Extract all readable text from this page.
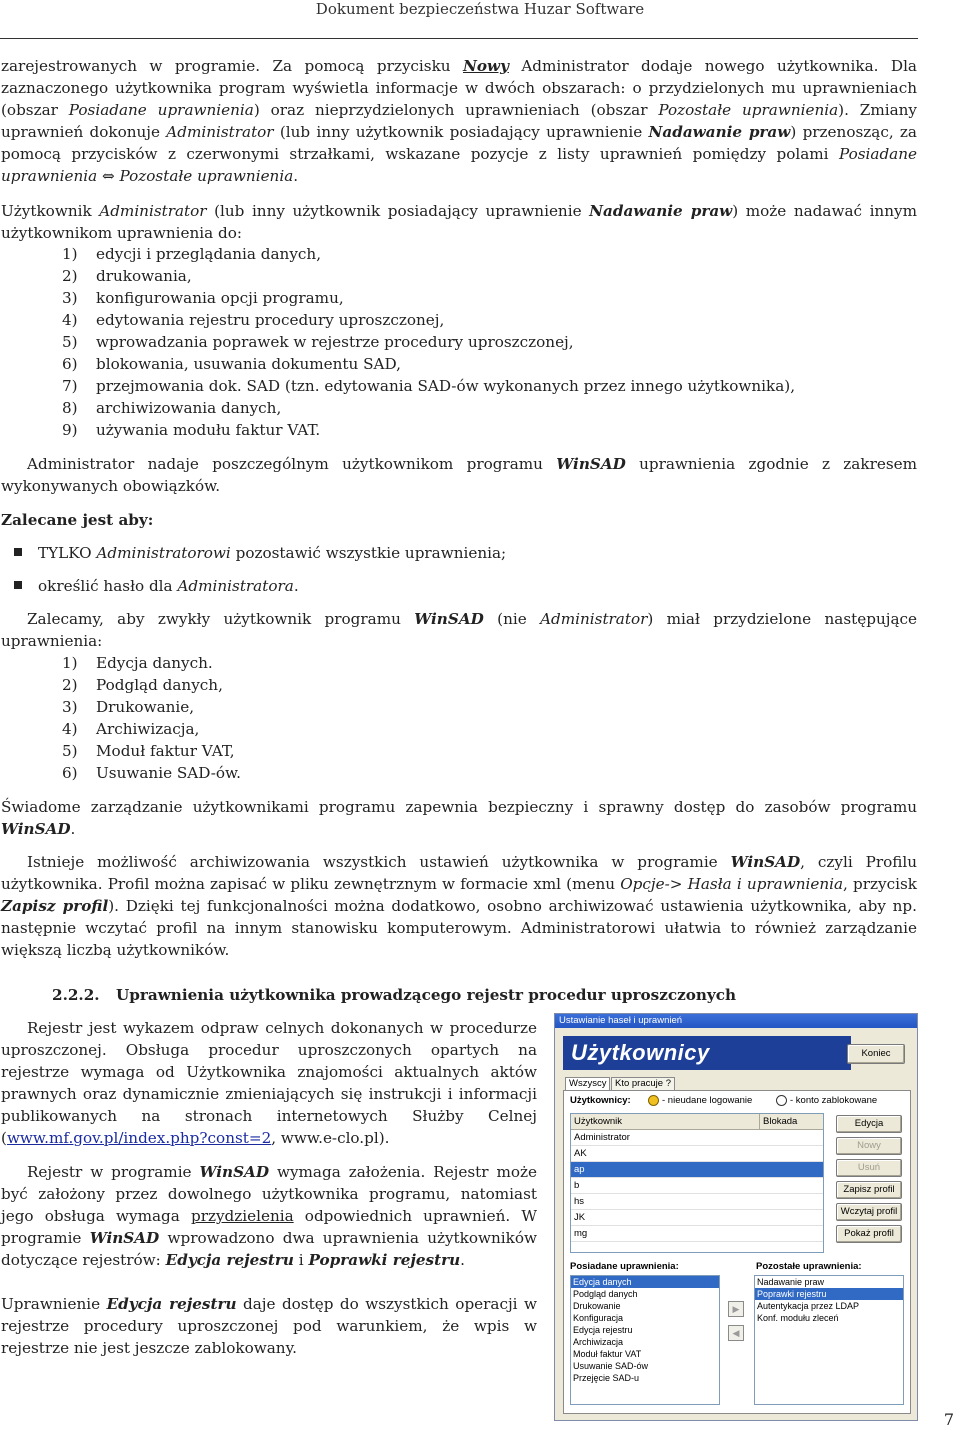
Dokument bezpieczeństwa Huzar Software

zarejestrowanych w programie. Za pomocą przycisku Nowy Administrator dodaje nowego użytkownika. Dla zaznaczonego użytkownika program wyświetla informacje w dwóch obszarach: o przydzielonych mu uprawnieniach (obszar Posiadane uprawnienia) oraz nieprzydzielonych uprawnieniach (obszar Pozostałe uprawnienia). Zmiany uprawnień dokonuje Administrator (lub inny użytkownik posiadający uprawnienie Nadawanie praw) przenosząc, za pomocą przycisków z czerwonymi strzałkami, wskazane pozycje z listy uprawnień pomiędzy polami Posiadane uprawnienia ⇔ Pozostałe uprawnienia.

Użytkownik Administrator (lub inny użytkownik posiadający uprawnienie Nadawanie praw) może nadawać innym użytkownikom uprawnienia do:

1) edycji i przeglądania danych,
2) drukowania,
3) konfigurowania opcji programu,
4) edytowania rejestru procedury uproszczonej,
5) wprowadzania poprawek w rejestrze procedury uproszczonej,
6) blokowania, usuwania dokumentu SAD,
7) przejmowania dok. SAD (tzn. edytowania SAD-ów wykonanych przez innego użytkownika),
8) archiwizowania danych,
9) używania modułu faktur VAT.

Administrator nadaje poszczególnym użytkownikom programu WinSAD uprawnienia zgodnie z zakresem wykonywanych obowiązków.

Zalecane jest aby:
TYLKO Administratorowi pozostawić wszystkie uprawnienia;
określić hasło dla Administratora.

Zalecamy, aby zwykły użytkownik programu WinSAD (nie Administrator) miał przydzielone następujące uprawnienia:

1) Edycja danych.
2) Podgląd danych,
3) Drukowanie,
4) Archiwizacja,
5) Moduł faktur VAT,
6) Usuwanie SAD-ów.

Świadome zarządzanie użytkownikami programu zapewnia bezpieczny i sprawny dostęp do zasobów programu WinSAD.

Istnieje możliwość archiwizowania wszystkich ustawień użytkownika w programie WinSAD, czyli Profilu użytkownika. Profil można zapisać w pliku zewnętrznym w formacie xml (menu Opcje-> Hasła i uprawnienia, przycisk Zapisz profil). Dzięki tej funkcjonalności można dodatkowo, osobno archiwizować ustawienia użytkownika, aby np. następnie wczytać profil na innym stanowisku komputerowym. Administratorowi ułatwia to również zarządzanie większą liczbą użytkowników.

2.2.2. Uprawnienia użytkownika prowadzącego rejestr procedur uproszczonych

Rejestr jest wykazem odpraw celnych dokonanych w procedurze uproszczonej. Obsługa procedur uproszczonych opartych na rejestrze wymaga od Użytkownika znajomości aktualnych aktów prawnych oraz dynamicznie zmieniających się instrukcji i informacji publikowanych na stronach internetowych Służby Celnej (www.mf.gov.pl/index.php?const=2, www.e-clo.pl).

Rejestr w programie WinSAD wymaga założenia. Rejestr może być założony przez dowolnego użytkownika programu, natomiast jego obsługa wymaga przydzielenia odpowiednich uprawnień. W programie WinSAD wprowadzono dwa uprawnienia użytkowników dotyczące rejestrów: Edycja rejestru i Poprawki rejestru.

Uprawnienie Edycja rejestru daje dostęp do wszystkich operacji w rejestrze procedury uproszczonej pod warunkiem, że wpis w rejestrze nie jest jeszcze zablokowany.

7
Ustawianie haseł i uprawnień
Użytkownicy	Koniec
Wszyscy Kto pracuje ?
Użytkownicy:	- nieudane logowanie	- konto zablokowane
Użytkownik	Blokada
Administrator
AK
ap
b
hs
JK
mg
Edycja
Nowy
Usuń
Zapisz profil
Wczytaj profil
Pokaż profil
Posiadane uprawnienia:	Pozostałe uprawnienia:
Edycja danych
Podgląd danych
Drukowanie
Konfiguracja
Edycja rejestru
Archiwizacja
Moduł faktur VAT
Usuwanie SAD-ów
Przejęcie SAD-u
▶
◀
Nadawanie praw
Poprawki rejestru
Autentykacja przez LDAP
Konf. modułu zleceń
